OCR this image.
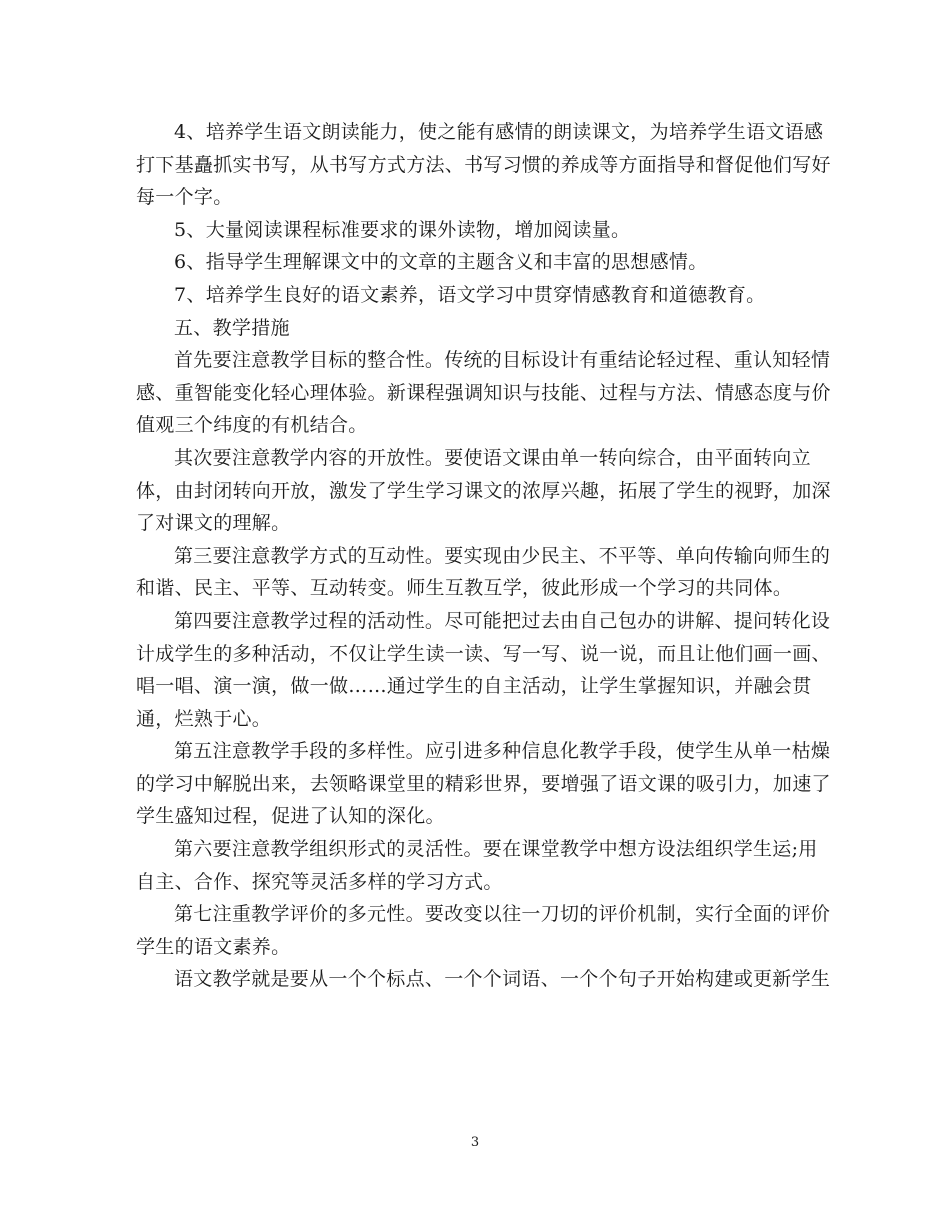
4、培养学生语文朗读能力，使之能有感情的朗读课文，为培养学生语文语感
打下基矗抓实书写，从书写方式方法、书写习惯的养成等方面指导和督促他们写好
每一个字。

5、大量阅读课程标准要求的课外读物，增加阅读量。

6、指导学生理解课文中的文章的主题含义和丰富的思想感情。

7、培养学生良好的语文素养，语文学习中贯穿情感教育和道德教育。

五、教学措施

首先要注意教学目标的整合性。传统的目标设计有重结论轻过程、重认知轻情
感、重智能变化轻心理体验。新课程强调知识与技能、过程与方法、情感态度与价
值观三个纬度的有机结合。

其次要注意教学内容的开放性。要使语文课由单一转向综合，由平面转向立
体，由封闭转向开放，激发了学生学习课文的浓厚兴趣，拓展了学生的视野，加深
了对课文的理解。

第三要注意教学方式的互动性。要实现由少民主、不平等、单向传输向师生的
和谐、民主、平等、互动转变。师生互教互学，彼此形成一个学习的共同体。

第四要注意教学过程的活动性。尽可能把过去由自己包办的讲解、提问转化设
计成学生的多种活动，不仅让学生读一读、写一写、说一说，而且让他们画一画、
唱一唱、演一演，做一做……通过学生的自主活动，让学生掌握知识，并融会贯
通，烂熟于心。

第五注意教学手段的多样性。应引进多种信息化教学手段，使学生从单一枯燥
的学习中解脱出来，去领略课堂里的精彩世界，要增强了语文课的吸引力，加速了
学生盛知过程，促进了认知的深化。

第六要注意教学组织形式的灵活性。要在课堂教学中想方设法组织学生运;用
自主、合作、探究等灵活多样的学习方式。

第七注重教学评价的多元性。要改变以往一刀切的评价机制，实行全面的评价
学生的语文素养。

语文教学就是要从一个个标点、一个个词语、一个个句子开始构建或更新学生

3
